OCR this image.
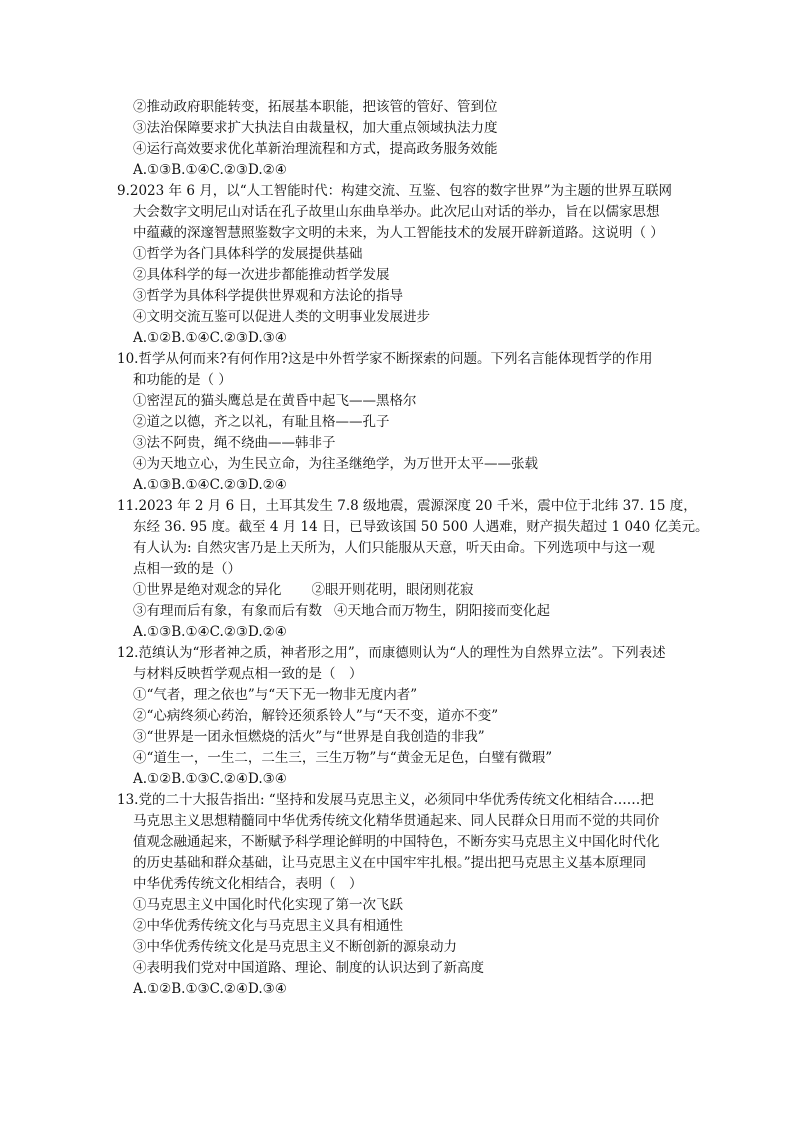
②推动政府职能转变，拓展基本职能，把该管的管好、管到位
③法治保障要求扩大执法自由裁量权，加大重点领域执法力度
④运行高效要求优化革新治理流程和方式，提高政务服务效能
A.①③B.①④C.②③D.②④
9.2023 年 6 月，以“人工智能时代：构建交流、互鉴、包容的数字世界”为主题的世界互联网
大会数字文明尼山对话在孔子故里山东曲阜举办。此次尼山对话的举办，旨在以儒家思想
中蕴藏的深邃智慧照鉴数字文明的未来，为人工智能技术的发展开辟新道路。这说明（ ）
①哲学为各门具体科学的发展提供基础
②具体科学的每一次进步都能推动哲学发展
③哲学为具体科学提供世界观和方法论的指导
④文明交流互鉴可以促进人类的文明事业发展进步
A.①②B.①④C.②③D.③④
10.哲学从何而来?有何作用?这是中外哲学家不断探索的问题。下列名言能体现哲学的作用
和功能的是（ ）
①密涅瓦的猫头鹰总是在黄昏中起飞——黑格尔
②道之以德，齐之以礼，有耻且格——孔子
③法不阿贵，绳不绕曲——韩非子
④为天地立心，为生民立命，为往圣继绝学，为万世开太平——张载
A.①③B.①④C.②③D.②④
11.2023 年 2 月 6 日，土耳其发生 7.8 级地震，震源深度 20 千米，震中位于北纬 37. 15 度，
东经 36. 95 度。截至 4 月 14 日，已导致该国 50 500 人遇难，财产损失超过 1 040 亿美元。
有人认为: 自然灾害乃是上天所为，人们只能服从天意，听天由命。下列选项中与这一观
点相一致的是（）
①世界是绝对观念的异化 ②眼开则花明，眼闭则花寂
③有理而后有象，有象而后有数 ④天地合而万物生，阴阳接而变化起
A.①③B.①④C.②③D.②④
12.范缜认为“形者神之质，神者形之用”，而康德则认为“人的理性为自然界立法”。下列表述
与材料反映哲学观点相一致的是（　）
①“气者，理之依也”与“天下无一物非无度内者”
②“心病终须心药治，解铃还须系铃人”与“天不变，道亦不变”
③“世界是一团永恒燃烧的活火”与“世界是自我创造的非我”
④“道生一，一生二，二生三，三生万物”与“黄金无足色，白璧有微瑕”
A.①②B.①③C.②④D.③④
13.党的二十大报告指出: “坚持和发展马克思主义，必须同中华优秀传统文化相结合……把
马克思主义思想精髓同中华优秀传统文化精华贯通起来、同人民群众日用而不觉的共同价
值观念融通起来，不断赋予科学理论鲜明的中国特色，不断夯实马克思主义中国化时代化
的历史基础和群众基础，让马克思主义在中国牢牢扎根。”提出把马克思主义基本原理同
中华优秀传统文化相结合，表明（　）
①马克思主义中国化时代化实现了第一次飞跃
②中华优秀传统文化与马克思主义具有相通性
③中华优秀传统文化是马克思主义不断创新的源泉动力
④表明我们党对中国道路、理论、制度的认识达到了新高度
A.①②B.①③C.②④D.③④
